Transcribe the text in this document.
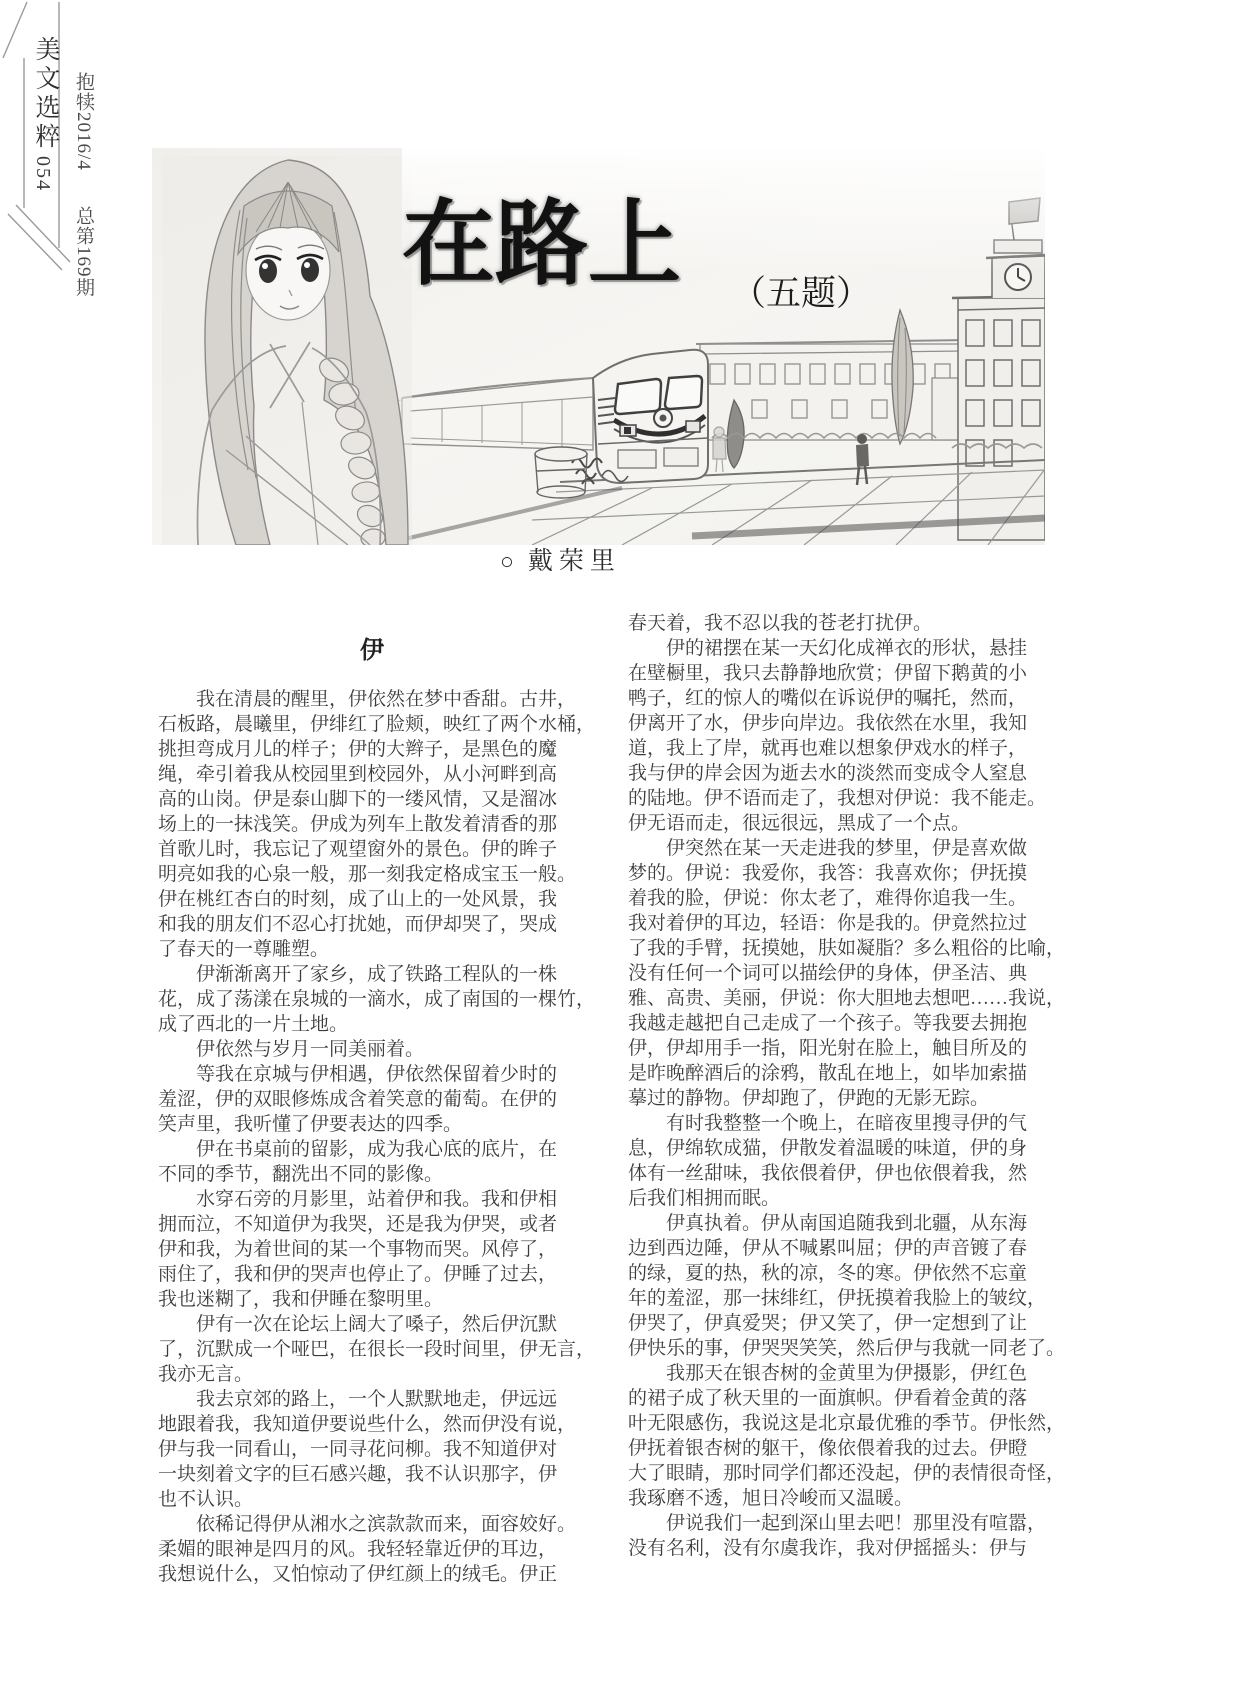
美文选粹
054
抱犊2016/4
总第169期	在路上 （五题）
○ 戴荣里
伊
　　我在清晨的醒里，伊依然在梦中香甜。古井，
石板路，晨曦里，伊绯红了脸颊，映红了两个水桶，
挑担弯成月儿的样子；伊的大辫子，是黑色的魔
绳，牵引着我从校园里到校园外，从小河畔到高
高的山岗。伊是泰山脚下的一缕风情，又是溜冰
场上的一抹浅笑。伊成为列车上散发着清香的那
首歌儿时，我忘记了观望窗外的景色。伊的眸子
明亮如我的心泉一般，那一刻我定格成宝玉一般。
伊在桃红杏白的时刻，成了山上的一处风景，我
和我的朋友们不忍心打扰她，而伊却哭了，哭成
了春天的一尊雕塑。
　　伊渐渐离开了家乡，成了铁路工程队的一株
花，成了荡漾在泉城的一滴水，成了南国的一棵竹，
成了西北的一片土地。
　　伊依然与岁月一同美丽着。
　　等我在京城与伊相遇，伊依然保留着少时的
羞涩，伊的双眼修炼成含着笑意的葡萄。在伊的
笑声里，我听懂了伊要表达的四季。
　　伊在书桌前的留影，成为我心底的底片，在
不同的季节，翻洗出不同的影像。
　　水穿石旁的月影里，站着伊和我。我和伊相
拥而泣，不知道伊为我哭，还是我为伊哭，或者
伊和我，为着世间的某一个事物而哭。风停了，
雨住了，我和伊的哭声也停止了。伊睡了过去，
我也迷糊了，我和伊睡在黎明里。
　　伊有一次在论坛上阔大了嗓子，然后伊沉默
了，沉默成一个哑巴，在很长一段时间里，伊无言，
我亦无言。
　　我去京郊的路上，一个人默默地走，伊远远
地跟着我，我知道伊要说些什么，然而伊没有说，
伊与我一同看山，一同寻花问柳。我不知道伊对
一块刻着文字的巨石感兴趣，我不认识那字，伊
也不认识。
　　依稀记得伊从湘水之滨款款而来，面容姣好。
柔媚的眼神是四月的风。我轻轻靠近伊的耳边，
我想说什么，又怕惊动了伊红颜上的绒毛。伊正
春天着，我不忍以我的苍老打扰伊。
　　伊的裙摆在某一天幻化成禅衣的形状，悬挂
在壁橱里，我只去静静地欣赏；伊留下鹅黄的小
鸭子，红的惊人的嘴似在诉说伊的嘱托，然而，
伊离开了水，伊步向岸边。我依然在水里，我知
道，我上了岸，就再也难以想象伊戏水的样子，
我与伊的岸会因为逝去水的淡然而变成令人窒息
的陆地。伊不语而走了，我想对伊说：我不能走。
伊无语而走，很远很远，黑成了一个点。
　　伊突然在某一天走进我的梦里，伊是喜欢做
梦的。伊说：我爱你，我答：我喜欢你；伊抚摸
着我的脸，伊说：你太老了，难得你追我一生。
我对着伊的耳边，轻语：你是我的。伊竟然拉过
了我的手臂，抚摸她，肤如凝脂？多么粗俗的比喻，
没有任何一个词可以描绘伊的身体，伊圣洁、典
雅、高贵、美丽，伊说：你大胆地去想吧……我说，
我越走越把自己走成了一个孩子。等我要去拥抱
伊，伊却用手一指，阳光射在脸上，触目所及的
是昨晚醉酒后的涂鸦，散乱在地上，如毕加索描
摹过的静物。伊却跑了，伊跑的无影无踪。
　　有时我整整一个晚上，在暗夜里搜寻伊的气
息，伊绵软成猫，伊散发着温暖的味道，伊的身
体有一丝甜味，我依偎着伊，伊也依偎着我，然
后我们相拥而眠。
　　伊真执着。伊从南国追随我到北疆，从东海
边到西边陲，伊从不喊累叫屈；伊的声音镀了春
的绿，夏的热，秋的凉，冬的寒。伊依然不忘童
年的羞涩，那一抹绯红，伊抚摸着我脸上的皱纹，
伊哭了，伊真爱哭；伊又笑了，伊一定想到了让
伊快乐的事，伊哭哭笑笑，然后伊与我就一同老了。
　　我那天在银杏树的金黄里为伊摄影，伊红色
的裙子成了秋天里的一面旗帜。伊看着金黄的落
叶无限感伤，我说这是北京最优雅的季节。伊怅然，
伊抚着银杏树的躯干，像依偎着我的过去。伊瞪
大了眼睛，那时同学们都还没起，伊的表情很奇怪，
我琢磨不透，旭日冷峻而又温暖。
　　伊说我们一起到深山里去吧！那里没有喧嚣，
没有名利，没有尔虞我诈，我对伊摇摇头：伊与
